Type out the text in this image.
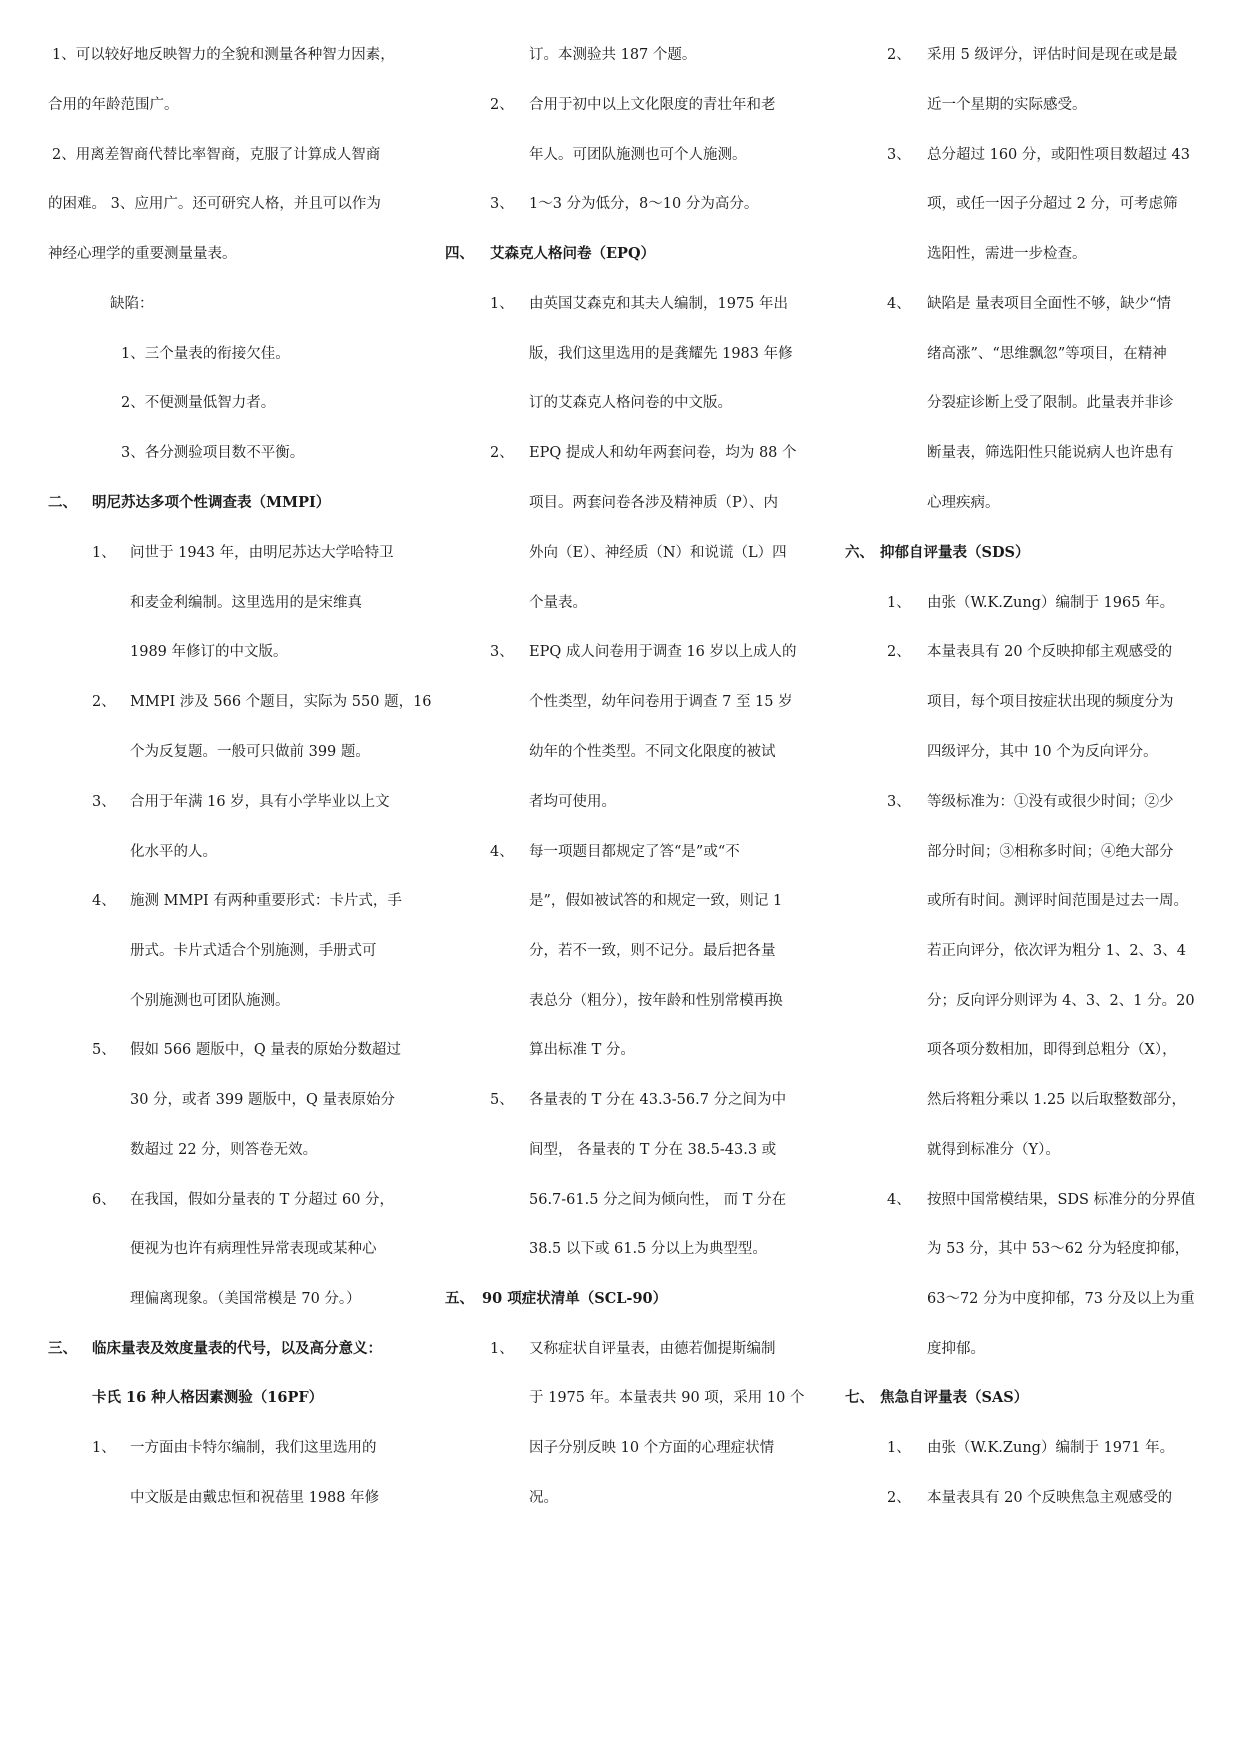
1、可以较好地反映智力的全貌和测量各种智力因素，
合用的年龄范围广。
2、用离差智商代替比率智商，克服了计算成人智商
的困难。 3、应用广。还可研究人格，并且可以作为
神经心理学的重要测量量表。
缺陷：
1、三个量表的衔接欠佳。
2、不便测量低智力者。
3、各分测验项目数不平衡。
二、 明尼苏达多项个性调查表（MMPI）
1、 问世于 1943 年，由明尼苏达大学哈特卫
和麦金利编制。这里选用的是宋维真
1989 年修订的中文版。
2、 MMPI 涉及 566 个题目，实际为 550 题，16
个为反复题。一般可只做前 399 题。
3、 合用于年满 16 岁，具有小学毕业以上文
化水平的人。
4、 施测 MMPI 有两种重要形式：卡片式，手
册式。卡片式适合个别施测，手册式可
个别施测也可团队施测。
5、 假如 566 题版中，Q 量表的原始分数超过
30 分，或者 399 题版中，Q 量表原始分
数超过 22 分，则答卷无效。
6、 在我国，假如分量表的 T 分超过 60 分，
便视为也许有病理性异常表现或某种心
理偏离现象。（美国常模是 70 分。）
三、 临床量表及效度量表的代号，以及高分意义：
卡氏 16 种人格因素测验（16PF）
1、 一方面由卡特尔编制，我们这里选用的
中文版是由戴忠恒和祝蓓里 1988 年修
订。本测验共 187 个题。
2、 合用于初中以上文化限度的青壮年和老
年人。可团队施测也可个人施测。
3、 1～3 分为低分，8～10 分为高分。
四、 艾森克人格问卷（EPQ）
1、 由英国艾森克和其夫人编制，1975 年出
版，我们这里选用的是龚耀先 1983 年修
订的艾森克人格问卷的中文版。
2、 EPQ 提成人和幼年两套问卷，均为 88 个
项目。两套问卷各涉及精神质（P）、内
外向（E）、神经质（N）和说谎（L）四
个量表。
3、 EPQ 成人问卷用于调查 16 岁以上成人的
个性类型，幼年问卷用于调查 7 至 15 岁
幼年的个性类型。不同文化限度的被试
者均可使用。
4、 每一项题目都规定了答“是”或“不
是”，假如被试答的和规定一致，则记 1
分，若不一致，则不记分。最后把各量
表总分（粗分），按年龄和性别常模再换
算出标准 T 分。
5、 各量表的 T 分在 43.3-56.7 分之间为中
间型， 各量表的 T 分在 38.5-43.3 或
56.7-61.5 分之间为倾向性， 而 T 分在
38.5 以下或 61.5 分以上为典型型。
五、 90 项症状清单（SCL-90）
1、 又称症状自评量表，由德若伽提斯编制
于 1975 年。本量表共 90 项，采用 10 个
因子分别反映 10 个方面的心理症状情
况。
2、 采用 5 级评分，评估时间是现在或是最
近一个星期的实际感受。
3、 总分超过 160 分，或阳性项目数超过 43
项，或任一因子分超过 2 分，可考虑筛
选阳性，需进一步检查。
4、 缺陷是 量表项目全面性不够，缺少“情
绪高涨”、“思维飘忽”等项目，在精神
分裂症诊断上受了限制。此量表并非诊
断量表，筛选阳性只能说病人也许患有
心理疾病。
六、 抑郁自评量表（SDS）
1、 由张（W.K.Zung）编制于 1965 年。
2、 本量表具有 20 个反映抑郁主观感受的
项目，每个项目按症状出现的频度分为
四级评分，其中 10 个为反向评分。
3、 等级标准为：①没有或很少时间；②少
部分时间；③相称多时间；④绝大部分
或所有时间。测评时间范围是过去一周。
若正向评分，依次评为粗分 1、2、3、4
分；反向评分则评为 4、3、2、1 分。20
项各项分数相加，即得到总粗分（X），
然后将粗分乘以 1.25 以后取整数部分，
就得到标准分（Y）。
4、 按照中国常模结果，SDS 标准分的分界值
为 53 分，其中 53～62 分为轻度抑郁，
63～72 分为中度抑郁，73 分及以上为重
度抑郁。
七、 焦急自评量表（SAS）
1、 由张（W.K.Zung）编制于 1971 年。
2、 本量表具有 20 个反映焦急主观感受的
